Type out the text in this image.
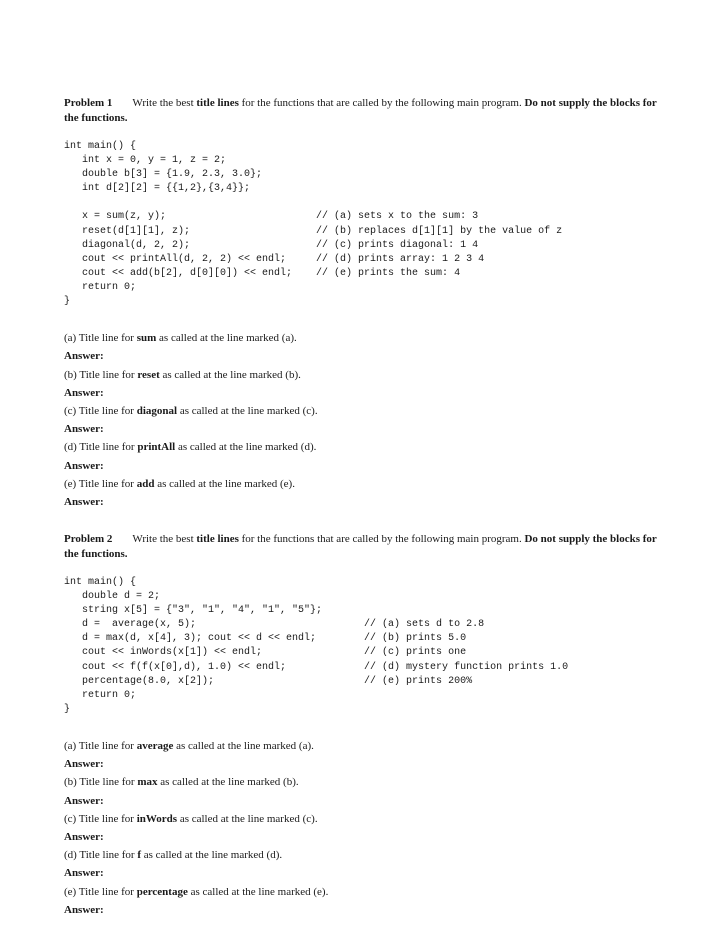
Problem 1 Write the best title lines for the functions that are called by the following main program. Do not supply the blocks for the functions.

int main() {
int x = 0, y = 1, z = 2;
double b[3] = {1.9, 2.3, 3.0};
int d[2][2] = {{1,2},{3,4}};

x = sum(z, y);                         // (a) sets x to the sum: 3
reset(d[1][1], z);                     // (b) replaces d[1][1] by the value of z
diagonal(d, 2, 2);                     // (c) prints diagonal: 1 4
cout << printAll(d, 2, 2) << endl;     // (d) prints array: 1 2 3 4
cout << add(b[2], d[0][0]) << endl;    // (e) prints the sum: 4
return 0;
}
(a) Title line for sum as called at the line marked (a).
Answer:
(b) Title line for reset as called at the line marked (b).
Answer:
(c) Title line for diagonal as called at the line marked (c).
Answer:
(d) Title line for printAll as called at the line marked (d).
Answer:
(e) Title line for add as called at the line marked (e).
Answer:

Problem 2 Write the best title lines for the functions that are called by the following main program. Do not supply the blocks for the functions.

int main() {
double d = 2;
string x[5] = {"3", "1", "4", "1", "5"};
d =  average(x, 5);                            // (a) sets d to 2.8
d = max(d, x[4], 3); cout << d << endl;        // (b) prints 5.0
cout << inWords(x[1]) << endl;                 // (c) prints one
cout << f(f(x[0],d), 1.0) << endl;             // (d) mystery function prints 1.0
percentage(8.0, x[2]);                         // (e) prints 200%
return 0;
}
(a) Title line for average as called at the line marked (a).
Answer:
(b) Title line for max as called at the line marked (b).
Answer:
(c) Title line for inWords as called at the line marked (c).
Answer:
(d) Title line for f as called at the line marked (d).
Answer:
(e) Title line for percentage as called at the line marked (e).
Answer:
